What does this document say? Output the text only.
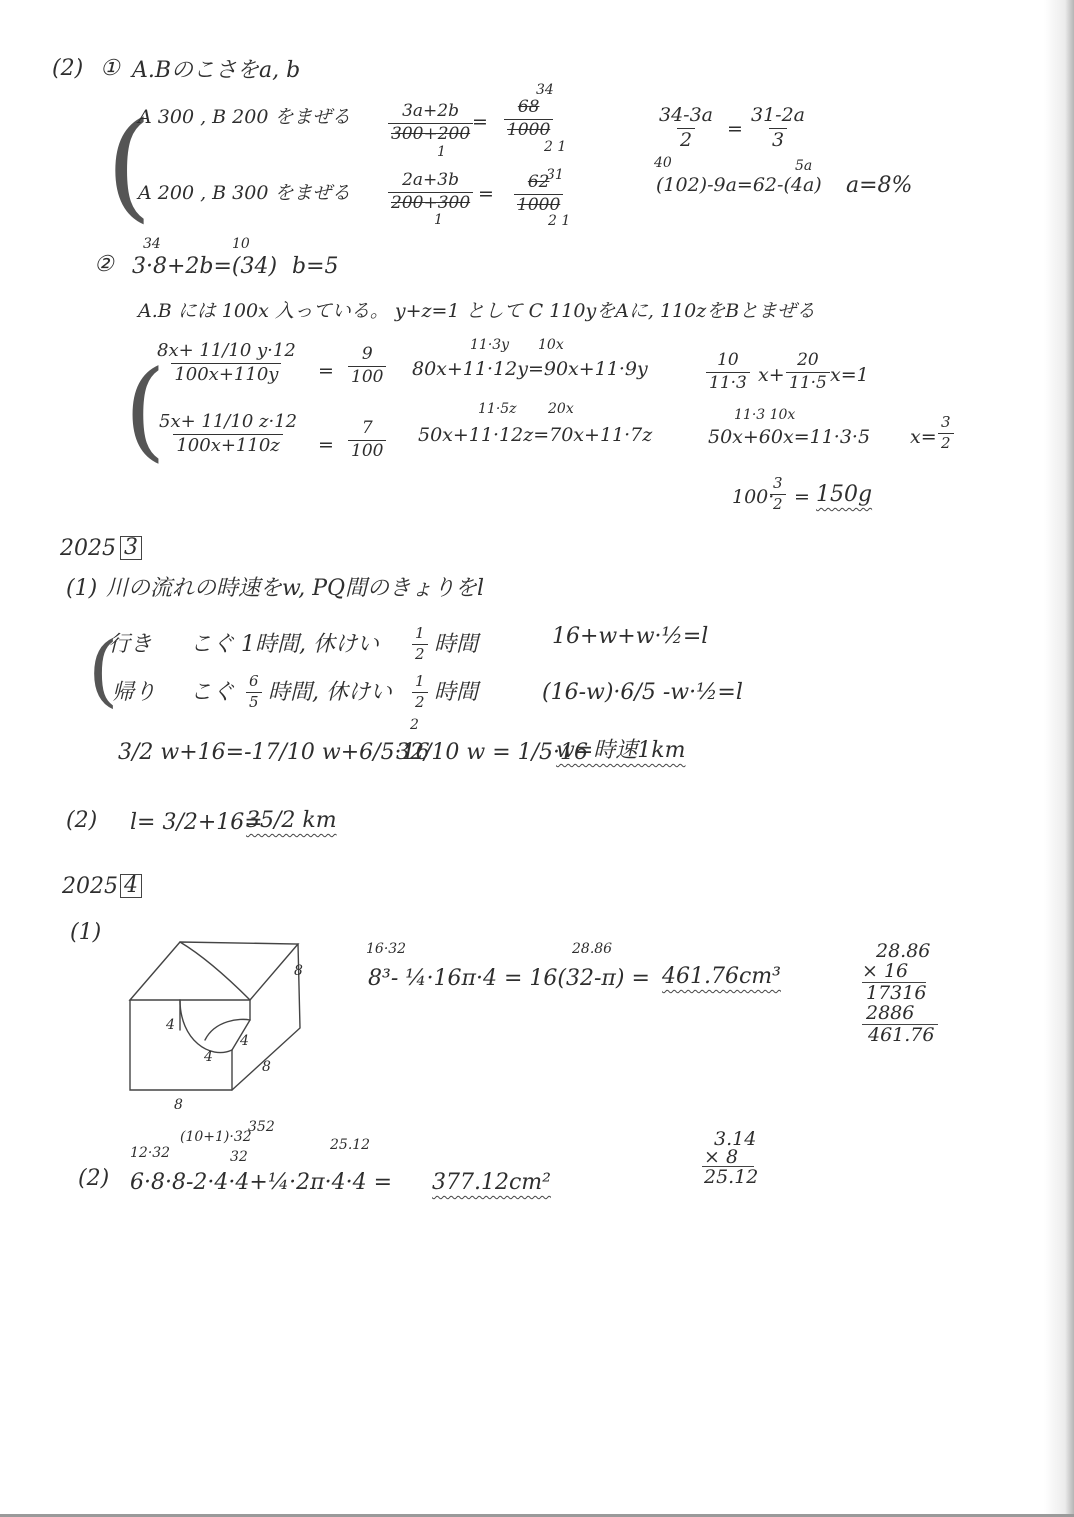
(2) ① A.Bのこさをa, b
(
A 300 , B 200 をまぜる $\frac{3a+2b}{300+200}$
1
=
34
$\frac{68}{1000}$
2 1
A 200 , B 300 をまぜる $\frac{2a+3b}{200+300}$
1
=
31
$\frac{62}{1000}$
2 1
$\frac{34-3a}{2} = \frac{31-2a}{3}$
40	5a
(102)-9a=62-(4a) a=8%
②
34	10
3·8+2b=(34) b=5
A.B には 100x 入っている。 y+z=1 として C 110yをAに, 110zをBとまぜる
(
$\frac{8x+ 11/10 y\cdot 12}{100x+110y} = \frac{9}{100}$
$\frac{5x+ 11/10 z\cdot 12}{100x+110z} = \frac{7}{100}$
11·3y 10x
80x+11·12y=90x+11·9y
11·5z 20x
50x+11·12z=70x+11·7z
$\frac{10}{11\cdot 3} x+ \frac{20}{11\cdot 5} x=1$
11·3 10x
50x+60x=11·3·5 $x= \frac{3}{2}$
100·
$\frac{3}{2} = 150g$
2025 3
(1) 川の流れの時速をw, PQ間のきょりをl
(
行き こぐ 1時間, 休けい $\frac{1}{2}$ 時間	16+w+w·½=l
帰り こぐ $\frac{6}{5}$ 時間, 休けい $\frac{1}{2}$ 時間	(16-w)·6/5 -w·½=l
2
3/2 w+16=-17/10 w+6/5·16
32/10 w = 1/5·16
w=時速1km
(2) l= 3/2+16=
35/2 km
2025 4
(1)
8
4
4
4
8
8
16·32	28.86
8³- ¼·16π·4 = 16(32-π) = 461.76cm³
28.86
× 16
17316
2886
461.76
12·32
(10+1)·32
352
32
25.12
(2) 6·8·8-2·4·4+¼·2π·4·4 = 377.12cm²
3.14
× 8
25.12
